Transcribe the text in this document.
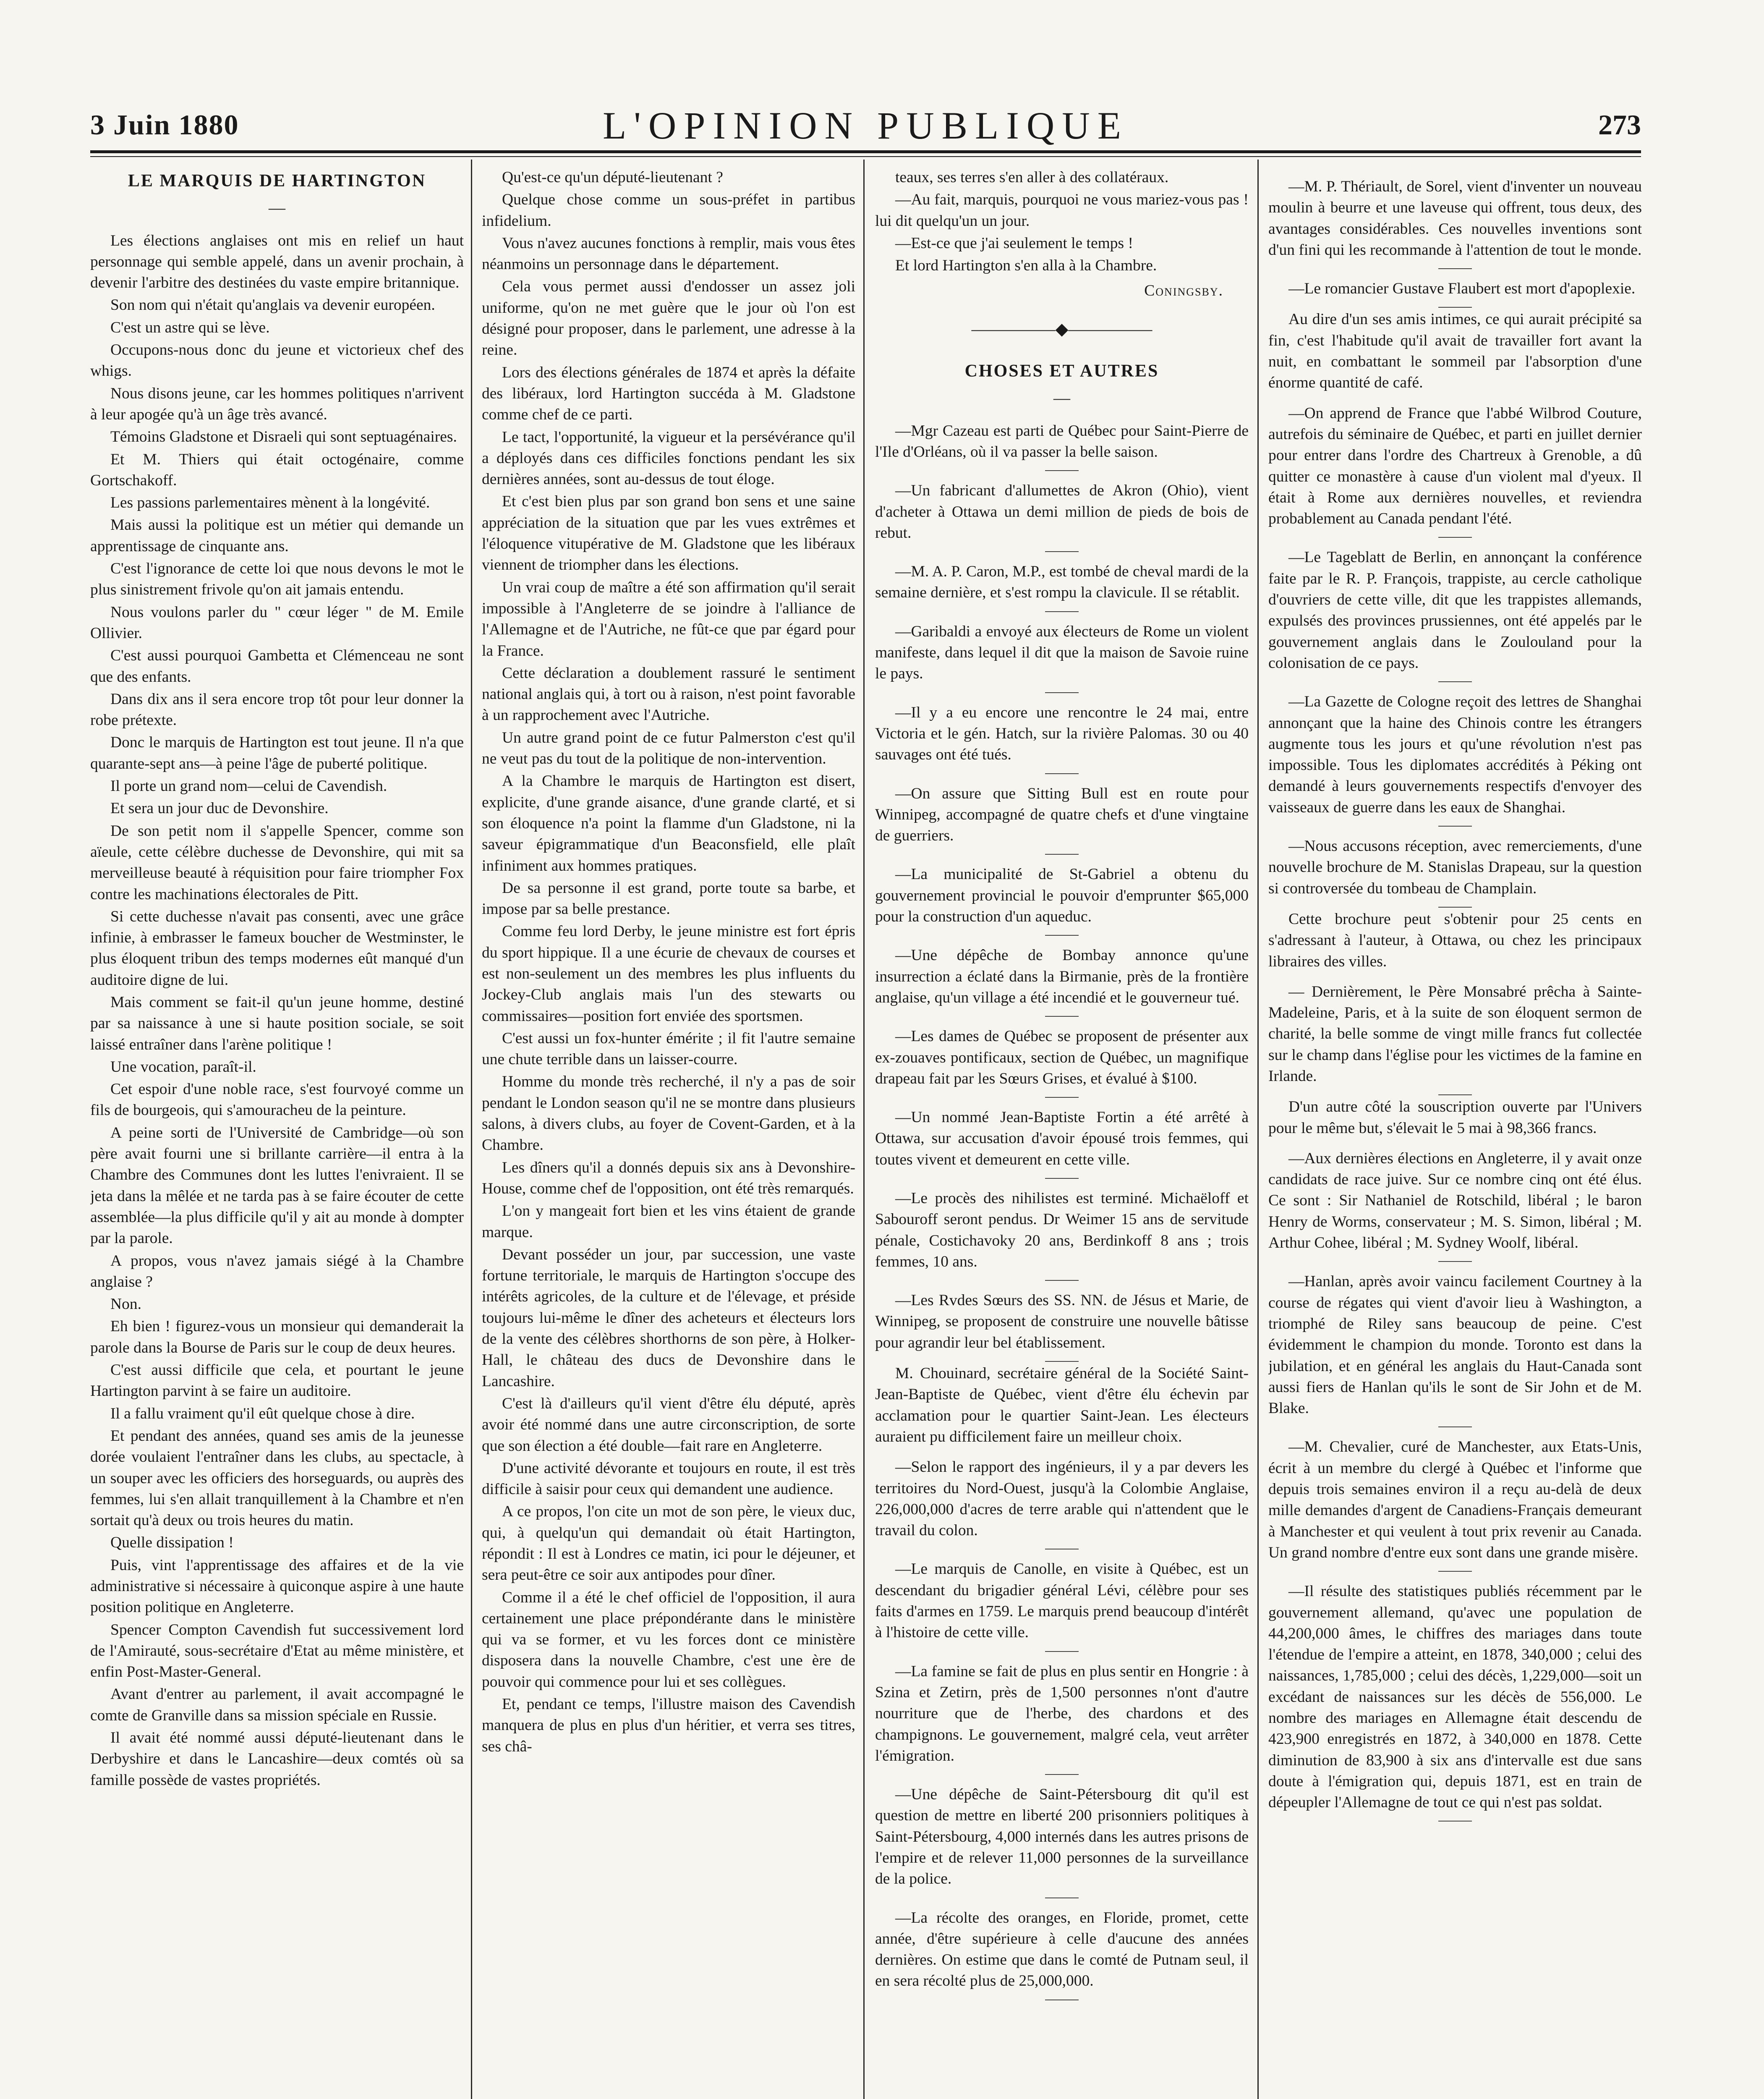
3 Juin 1880	L'OPINION PUBLIQUE	273
LE MARQUIS DE HARTINGTON
—

Les élections anglaises ont mis en relief un haut personnage qui semble appelé, dans un avenir prochain, à devenir l'arbitre des destinées du vaste empire britannique.

Son nom qui n'était qu'anglais va devenir européen.

C'est un astre qui se lève.

Occupons-nous donc du jeune et victorieux chef des whigs.

Nous disons jeune, car les hommes politiques n'arrivent à leur apogée qu'à un âge très avancé.

Témoins Gladstone et Disraeli qui sont septuagénaires.

Et M. Thiers qui était octogénaire, comme Gortschakoff.

Les passions parlementaires mènent à la longévité.

Mais aussi la politique est un métier qui demande un apprentissage de cinquante ans.

C'est l'ignorance de cette loi que nous devons le mot le plus sinistrement frivole qu'on ait jamais entendu.

Nous voulons parler du " cœur léger " de M. Emile Ollivier.

C'est aussi pourquoi Gambetta et Clémenceau ne sont que des enfants.

Dans dix ans il sera encore trop tôt pour leur donner la robe prétexte.

Donc le marquis de Hartington est tout jeune. Il n'a que quarante-sept ans—à peine l'âge de puberté politique.

Il porte un grand nom—celui de Cavendish.

Et sera un jour duc de Devonshire.

De son petit nom il s'appelle Spencer, comme son aïeule, cette célèbre duchesse de Devonshire, qui mit sa merveilleuse beauté à réquisition pour faire triompher Fox contre les machinations électorales de Pitt.

Si cette duchesse n'avait pas consenti, avec une grâce infinie, à embrasser le fameux boucher de Westminster, le plus éloquent tribun des temps modernes eût manqué d'un auditoire digne de lui.

Mais comment se fait-il qu'un jeune homme, destiné par sa naissance à une si haute position sociale, se soit laissé entraîner dans l'arène politique !

Une vocation, paraît-il.

Cet espoir d'une noble race, s'est fourvoyé comme un fils de bourgeois, qui s'amouracheu de la peinture.

A peine sorti de l'Université de Cambridge—où son père avait fourni une si brillante carrière—il entra à la Chambre des Communes dont les luttes l'enivraient. Il se jeta dans la mêlée et ne tarda pas à se faire écouter de cette assemblée—la plus difficile qu'il y ait au monde à dompter par la parole.

A propos, vous n'avez jamais siégé à la Chambre anglaise ?

Non.

Eh bien ! figurez-vous un monsieur qui demanderait la parole dans la Bourse de Paris sur le coup de deux heures.

C'est aussi difficile que cela, et pourtant le jeune Hartington parvint à se faire un auditoire.

Il a fallu vraiment qu'il eût quelque chose à dire.

Et pendant des années, quand ses amis de la jeunesse dorée voulaient l'entraîner dans les clubs, au spectacle, à un souper avec les officiers des horseguards, ou auprès des femmes, lui s'en allait tranquillement à la Chambre et n'en sortait qu'à deux ou trois heures du matin.

Quelle dissipation !

Puis, vint l'apprentissage des affaires et de la vie administrative si nécessaire à quiconque aspire à une haute position politique en Angleterre.

Spencer Compton Cavendish fut successivement lord de l'Amirauté, sous-secrétaire d'Etat au même ministère, et enfin Post-Master-General.

Avant d'entrer au parlement, il avait accompagné le comte de Granville dans sa mission spéciale en Russie.

Il avait été nommé aussi député-lieutenant dans le Derbyshire et dans le Lancashire—deux comtés où sa famille possède de vastes propriétés.

Qu'est-ce qu'un député-lieutenant ?

Quelque chose comme un sous-préfet in partibus infidelium.

Vous n'avez aucunes fonctions à remplir, mais vous êtes néanmoins un personnage dans le département.

Cela vous permet aussi d'endosser un assez joli uniforme, qu'on ne met guère que le jour où l'on est désigné pour proposer, dans le parlement, une adresse à la reine.

Lors des élections générales de 1874 et après la défaite des libéraux, lord Hartington succéda à M. Gladstone comme chef de ce parti.

Le tact, l'opportunité, la vigueur et la persévérance qu'il a déployés dans ces difficiles fonctions pendant les six dernières années, sont au-dessus de tout éloge.

Et c'est bien plus par son grand bon sens et une saine appréciation de la situation que par les vues extrêmes et l'éloquence vitupérative de M. Gladstone que les libéraux viennent de triompher dans les élections.

Un vrai coup de maître a été son affirmation qu'il serait impossible à l'Angleterre de se joindre à l'alliance de l'Allemagne et de l'Autriche, ne fût-ce que par égard pour la France.

Cette déclaration a doublement rassuré le sentiment national anglais qui, à tort ou à raison, n'est point favorable à un rapprochement avec l'Autriche.

Un autre grand point de ce futur Palmerston c'est qu'il ne veut pas du tout de la politique de non-intervention.

A la Chambre le marquis de Hartington est disert, explicite, d'une grande aisance, d'une grande clarté, et si son éloquence n'a point la flamme d'un Gladstone, ni la saveur épigrammatique d'un Beaconsfield, elle plaît infiniment aux hommes pratiques.

De sa personne il est grand, porte toute sa barbe, et impose par sa belle prestance.

Comme feu lord Derby, le jeune ministre est fort épris du sport hippique. Il a une écurie de chevaux de courses et est non-seulement un des membres les plus influents du Jockey-Club anglais mais l'un des stewarts ou commissaires—position fort enviée des sportsmen.

C'est aussi un fox-hunter émérite ; il fit l'autre semaine une chute terrible dans un laisser-courre.

Homme du monde très recherché, il n'y a pas de soir pendant le London season qu'il ne se montre dans plusieurs salons, à divers clubs, au foyer de Covent-Garden, et à la Chambre.

Les dîners qu'il a donnés depuis six ans à Devonshire-House, comme chef de l'opposition, ont été très remarqués.

L'on y mangeait fort bien et les vins étaient de grande marque.

Devant posséder un jour, par succession, une vaste fortune territoriale, le marquis de Hartington s'occupe des intérêts agricoles, de la culture et de l'élevage, et préside toujours lui-même le dîner des acheteurs et électeurs lors de la vente des célèbres shorthorns de son père, à Holker-Hall, le château des ducs de Devonshire dans le Lancashire.

C'est là d'ailleurs qu'il vient d'être élu député, après avoir été nommé dans une autre circonscription, de sorte que son élection a été double—fait rare en Angleterre.

D'une activité dévorante et toujours en route, il est très difficile à saisir pour ceux qui demandent une audience.

A ce propos, l'on cite un mot de son père, le vieux duc, qui, à quelqu'un qui demandait où était Hartington, répondit : Il est à Londres ce matin, ici pour le déjeuner, et sera peut-être ce soir aux antipodes pour dîner.

Comme il a été le chef officiel de l'opposition, il aura certainement une place prépondérante dans le ministère qui va se former, et vu les forces dont ce ministère disposera dans la nouvelle Chambre, c'est une ère de pouvoir qui commence pour lui et ses collègues.

Et, pendant ce temps, l'illustre maison des Cavendish manquera de plus en plus d'un héritier, et verra ses titres, ses châ-

teaux, ses terres s'en aller à des collatéraux.

—Au fait, marquis, pourquoi ne vous mariez-vous pas ! lui dit quelqu'un un jour.

—Est-ce que j'ai seulement le temps !

Et lord Hartington s'en alla à la Chambre.

Coningsby.
—————◆—————
CHOSES ET AUTRES
—

—Mgr Cazeau est parti de Québec pour Saint-Pierre de l'Ile d'Orléans, où il va passer la belle saison.

—Un fabricant d'allumettes de Akron (Ohio), vient d'acheter à Ottawa un demi million de pieds de bois de rebut.

—M. A. P. Caron, M.P., est tombé de cheval mardi de la semaine dernière, et s'est rompu la clavicule. Il se rétablit.

—Garibaldi a envoyé aux électeurs de Rome un violent manifeste, dans lequel il dit que la maison de Savoie ruine le pays.

—Il y a eu encore une rencontre le 24 mai, entre Victoria et le gén. Hatch, sur la rivière Palomas. 30 ou 40 sauvages ont été tués.

—On assure que Sitting Bull est en route pour Winnipeg, accompagné de quatre chefs et d'une vingtaine de guerriers.

—La municipalité de St-Gabriel a obtenu du gouvernement provincial le pouvoir d'emprunter $65,000 pour la construction d'un aqueduc.

—Une dépêche de Bombay annonce qu'une insurrection a éclaté dans la Birmanie, près de la frontière anglaise, qu'un village a été incendié et le gouverneur tué.

—Les dames de Québec se proposent de présenter aux ex-zouaves pontificaux, section de Québec, un magnifique drapeau fait par les Sœurs Grises, et évalué à $100.

—Un nommé Jean-Baptiste Fortin a été arrêté à Ottawa, sur accusation d'avoir épousé trois femmes, qui toutes vivent et demeurent en cette ville.

—Le procès des nihilistes est terminé. Michaëloff et Sabouroff seront pendus. Dr Weimer 15 ans de servitude pénale, Costichavoky 20 ans, Berdinkoff 8 ans ; trois femmes, 10 ans.

—Les Rvdes Sœurs des SS. NN. de Jésus et Marie, de Winnipeg, se proposent de construire une nouvelle bâtisse pour agrandir leur bel établissement.

M. Chouinard, secrétaire général de la Société Saint-Jean-Baptiste de Québec, vient d'être élu échevin par acclamation pour le quartier Saint-Jean. Les électeurs auraient pu difficilement faire un meilleur choix.

—Selon le rapport des ingénieurs, il y a par devers les territoires du Nord-Ouest, jusqu'à la Colombie Anglaise, 226,000,000 d'acres de terre arable qui n'attendent que le travail du colon.

—Le marquis de Canolle, en visite à Québec, est un descendant du brigadier général Lévi, célèbre pour ses faits d'armes en 1759. Le marquis prend beaucoup d'intérêt à l'histoire de cette ville.

—La famine se fait de plus en plus sentir en Hongrie : à Szina et Zetirn, près de 1,500 personnes n'ont d'autre nourriture que de l'herbe, des chardons et des champignons. Le gouvernement, malgré cela, veut arrêter l'émigration.

—Une dépêche de Saint-Pétersbourg dit qu'il est question de mettre en liberté 200 prisonniers politiques à Saint-Pétersbourg, 4,000 internés dans les autres prisons de l'empire et de relever 11,000 personnes de la surveillance de la police.

—La récolte des oranges, en Floride, promet, cette année, d'être supérieure à celle d'aucune des années dernières. On estime que dans le comté de Putnam seul, il en sera récolté plus de 25,000,000.

—M. P. Thériault, de Sorel, vient d'inventer un nouveau moulin à beurre et une laveuse qui offrent, tous deux, des avantages considérables. Ces nouvelles inventions sont d'un fini qui les recommande à l'attention de tout le monde.

—Le romancier Gustave Flaubert est mort d'apoplexie.

Au dire d'un ses amis intimes, ce qui aurait précipité sa fin, c'est l'habitude qu'il avait de travailler fort avant la nuit, en combattant le sommeil par l'absorption d'une énorme quantité de café.

—On apprend de France que l'abbé Wilbrod Couture, autrefois du séminaire de Québec, et parti en juillet dernier pour entrer dans l'ordre des Chartreux à Grenoble, a dû quitter ce monastère à cause d'un violent mal d'yeux. Il était à Rome aux dernières nouvelles, et reviendra probablement au Canada pendant l'été.

—Le Tageblatt de Berlin, en annonçant la conférence faite par le R. P. François, trappiste, au cercle catholique d'ouvriers de cette ville, dit que les trappistes allemands, expulsés des provinces prussiennes, ont été appelés par le gouvernement anglais dans le Zoulouland pour la colonisation de ce pays.

—La Gazette de Cologne reçoit des lettres de Shanghai annonçant que la haine des Chinois contre les étrangers augmente tous les jours et qu'une révolution n'est pas impossible. Tous les diplomates accrédités à Péking ont demandé à leurs gouvernements respectifs d'envoyer des vaisseaux de guerre dans les eaux de Shanghai.

—Nous accusons réception, avec remerciements, d'une nouvelle brochure de M. Stanislas Drapeau, sur la question si controversée du tombeau de Champlain.

Cette brochure peut s'obtenir pour 25 cents en s'adressant à l'auteur, à Ottawa, ou chez les principaux libraires des villes.

— Dernièrement, le Père Monsabré prêcha à Sainte-Madeleine, Paris, et à la suite de son éloquent sermon de charité, la belle somme de vingt mille francs fut collectée sur le champ dans l'église pour les victimes de la famine en Irlande.

D'un autre côté la souscription ouverte par l'Univers pour le même but, s'élevait le 5 mai à 98,366 francs.

—Aux dernières élections en Angleterre, il y avait onze candidats de race juive. Sur ce nombre cinq ont été élus. Ce sont : Sir Nathaniel de Rotschild, libéral ; le baron Henry de Worms, conservateur ; M. S. Simon, libéral ; M. Arthur Cohee, libéral ; M. Sydney Woolf, libéral.

—Hanlan, après avoir vaincu facilement Courtney à la course de régates qui vient d'avoir lieu à Washington, a triomphé de Riley sans beaucoup de peine. C'est évidemment le champion du monde. Toronto est dans la jubilation, et en général les anglais du Haut-Canada sont aussi fiers de Hanlan qu'ils le sont de Sir John et de M. Blake.

—M. Chevalier, curé de Manchester, aux Etats-Unis, écrit à un membre du clergé à Québec et l'informe que depuis trois semaines environ il a reçu au-delà de deux mille demandes d'argent de Canadiens-Français demeurant à Manchester et qui veulent à tout prix revenir au Canada. Un grand nombre d'entre eux sont dans une grande misère.

—Il résulte des statistiques publiés récemment par le gouvernement allemand, qu'avec une population de 44,200,000 âmes, le chiffres des mariages dans toute l'étendue de l'empire a atteint, en 1878, 340,000 ; celui des naissances, 1,785,000 ; celui des décès, 1,229,000—soit un excédant de naissances sur les décès de 556,000. Le nombre des mariages en Allemagne était descendu de 423,900 enregistrés en 1872, à 340,000 en 1878. Cette diminution de 83,900 à six ans d'intervalle est due sans doute à l'émigration qui, depuis 1871, est en train de dépeupler l'Allemagne de tout ce qui n'est pas soldat.
